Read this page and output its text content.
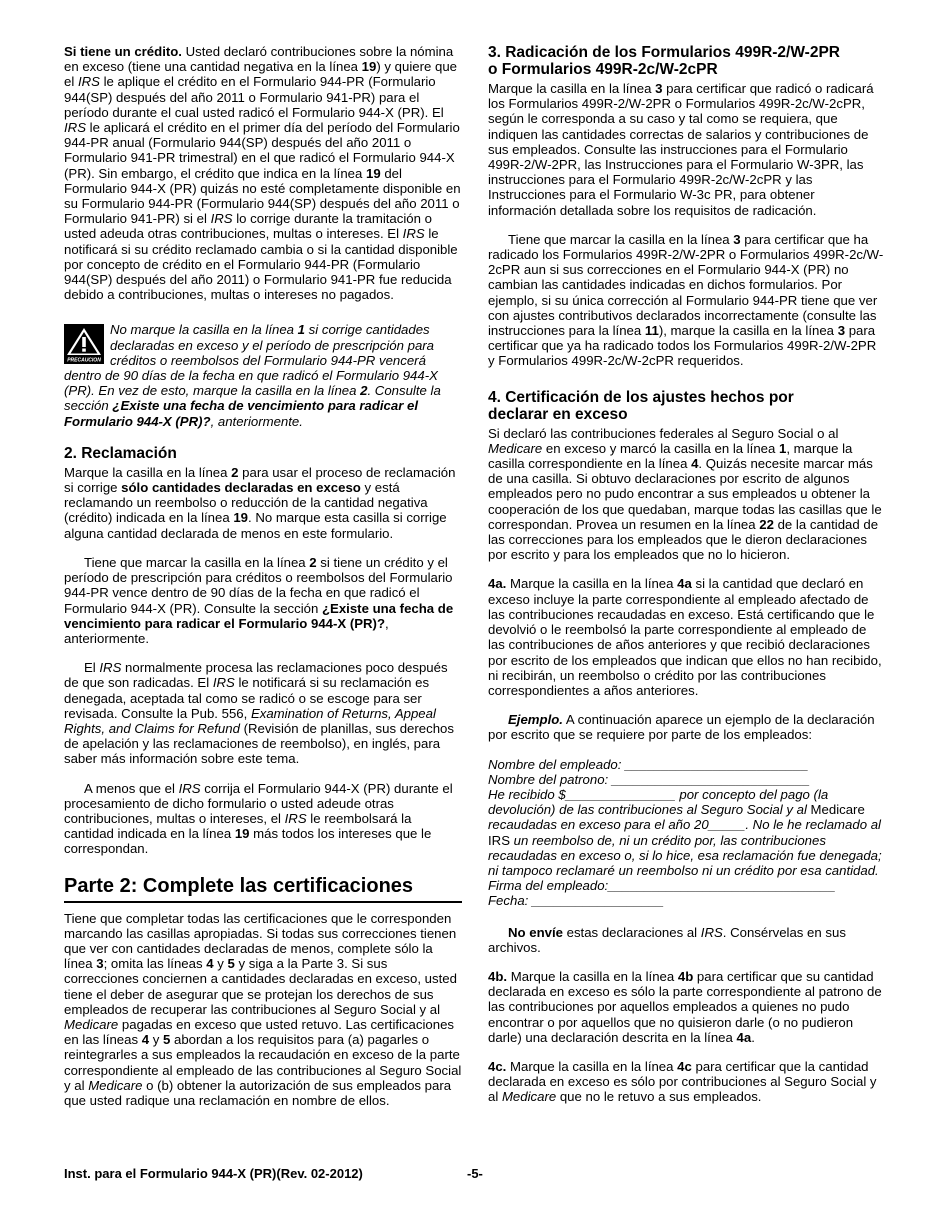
Si tiene un crédito. Usted declaró contribuciones sobre la nómina en exceso (tiene una cantidad negativa en la línea 19) y quiere que el IRS le aplique el crédito en el Formulario 944-PR (Formulario 944(SP) después del año 2011 o Formulario 941-PR) para el período durante el cual usted radicó el Formulario 944-X (PR). El IRS le aplicará el crédito en el primer día del período del Formulario 944-PR anual (Formulario 944(SP) después del año 2011 o Formulario 941-PR trimestral) en el que radicó el Formulario 944-X (PR). Sin embargo, el crédito que indica en la línea 19 del Formulario 944-X (PR) quizás no esté completamente disponible en su Formulario 944-PR (Formulario 944(SP) después del año 2011 o Formulario 941-PR) si el IRS lo corrige durante la tramitación o usted adeuda otras contribuciones, multas o intereses. El IRS le notificará si su crédito reclamado cambia o si la cantidad disponible por concepto de crédito en el Formulario 944-PR (Formulario 944(SP) después del año 2011) o Formulario 941-PR fue reducida debido a contribuciones, multas o intereses no pagados.

PRECAUCION
No marque la casilla en la línea 1 si corrige cantidades declaradas en exceso y el período de prescripción para créditos o reembolsos del Formulario 944-PR vencerá
dentro de 90 días de la fecha en que radicó el Formulario 944-X (PR). En vez de esto, marque la casilla en la línea 2. Consulte la sección ¿Existe una fecha de vencimiento para radicar el Formulario 944-X (PR)?, anteriormente.
2. Reclamación

Marque la casilla en la línea 2 para usar el proceso de reclamación si corrige sólo cantidades declaradas en exceso y está reclamando un reembolso o reducción de la cantidad negativa (crédito) indicada en la línea 19. No marque esta casilla si corrige alguna cantidad declarada de menos en este formulario.

Tiene que marcar la casilla en la línea 2 si tiene un crédito y el período de prescripción para créditos o reembolsos del Formulario 944-PR vence dentro de 90 días de la fecha en que radicó el Formulario 944-X (PR). Consulte la sección ¿Existe una fecha de vencimiento para radicar el Formulario 944-X (PR)?, anteriormente.

El IRS normalmente procesa las reclamaciones poco después de que son radicadas. El IRS le notificará si su reclamación es denegada, aceptada tal como se radicó o se escoge para ser revisada. Consulte la Pub. 556, Examination of Returns, Appeal Rights, and Claims for Refund (Revisión de planillas, sus derechos de apelación y las reclamaciones de reembolso), en inglés, para saber más información sobre este tema.

A menos que el IRS corrija el Formulario 944-X (PR) durante el procesamiento de dicho formulario o usted adeude otras contribuciones, multas o intereses, el IRS le reembolsará la cantidad indicada en la línea 19 más todos los intereses que le correspondan.

Parte 2: Complete las certificaciones

Tiene que completar todas las certificaciones que le corresponden marcando las casillas apropiadas. Si todas sus correcciones tienen que ver con cantidades declaradas de menos, complete sólo la línea 3; omita las líneas 4 y 5 y siga a la Parte 3. Si sus correcciones conciernen a cantidades declaradas en exceso, usted tiene el deber de asegurar que se protejan los derechos de sus empleados de recuperar las contribuciones al Seguro Social y al Medicare pagadas en exceso que usted retuvo. Las certificaciones en las líneas 4 y 5 abordan a los requisitos para (a) pagarles o reintegrarles a sus empleados la recaudación en exceso de la parte correspondiente al empleado de las contribuciones al Seguro Social y al Medicare o (b) obtener la autorización de sus empleados para que usted radique una reclamación en nombre de ellos.

3. Radicación de los Formularios 499R-2/W-2PR
o Formularios 499R-2c/W-2cPR

Marque la casilla en la línea 3 para certificar que radicó o radicará los Formularios 499R-2/W-2PR o Formularios 499R-2c/W-2cPR, según le corresponda a su caso y tal como se requiera, que indiquen las cantidades correctas de salarios y contribuciones de sus empleados. Consulte las instrucciones para el Formulario 499R-2/W-2PR, las Instrucciones para el Formulario W-3PR, las instrucciones para el Formulario 499R-2c/W-2cPR y las Instrucciones para el Formulario W-3c PR, para obtener información detallada sobre los requisitos de radicación.

Tiene que marcar la casilla en la línea 3 para certificar que ha radicado los Formularios 499R-2/W-2PR o Formularios 499R-2c/W-2cPR aun si sus correcciones en el Formulario 944-X (PR) no cambian las cantidades indicadas en dichos formularios. Por ejemplo, si su única corrección al Formulario 944-PR tiene que ver con ajustes contributivos declarados incorrectamente (consulte las instrucciones para la línea 11), marque la casilla en la línea 3 para certificar que ya ha radicado todos los Formularios 499R-2/W-2PR y Formularios 499R-2c/W-2cPR requeridos.

4. Certificación de los ajustes hechos por
declarar en exceso

Si declaró las contribuciones federales al Seguro Social o al Medicare en exceso y marcó la casilla en la línea 1, marque la casilla correspondiente en la línea 4. Quizás necesite marcar más de una casilla. Si obtuvo declaraciones por escrito de algunos empleados pero no pudo encontrar a sus empleados u obtener la cooperación de los que quedaban, marque todas las casillas que le correspondan. Provea un resumen en la línea 22 de la cantidad de las correcciones para los empleados que le dieron declaraciones por escrito y para los empleados que no lo hicieron.

4a. Marque la casilla en la línea 4a si la cantidad que declaró en exceso incluye la parte correspondiente al empleado afectado de las contribuciones recaudadas en exceso. Está certificando que le devolvió o le reembolsó la parte correspondiente al empleado de las contribuciones de años anteriores y que recibió declaraciones por escrito de los empleados que indican que ellos no han recibido, ni recibirán, un reembolso o crédito por las contribuciones correspondientes a años anteriores.

Ejemplo. A continuación aparece un ejemplo de la declaración por escrito que se requiere por parte de los empleados:

Nombre del empleado: _________________________
Nombre del patrono: ___________________________
He recibido $_______________ por concepto del pago (la devolución) de las contribuciones al Seguro Social y al Medicare recaudadas en exceso para el año 20_____. No le he reclamado al IRS un reembolso de, ni un crédito por, las contribuciones recaudadas en exceso o, si lo hice, esa reclamación fue denegada; ni tampoco reclamaré un reembolso ni un crédito por esa cantidad.
Firma del empleado:_______________________________
Fecha: __________________

No envíe estas declaraciones al IRS. Consérvelas en sus archivos.

4b. Marque la casilla en la línea 4b para certificar que su cantidad declarada en exceso es sólo la parte correspondiente al patrono de las contribuciones por aquellos empleados a quienes no pudo encontrar o por aquellos que no quisieron darle (o no pudieron darle) una declaración descrita en la línea 4a.

4c. Marque la casilla en la línea 4c para certificar que la cantidad declarada en exceso es sólo por contribuciones al Seguro Social y al Medicare que no le retuvo a sus empleados.

Inst. para el Formulario 944-X (PR)(Rev. 02-2012)	-5-
